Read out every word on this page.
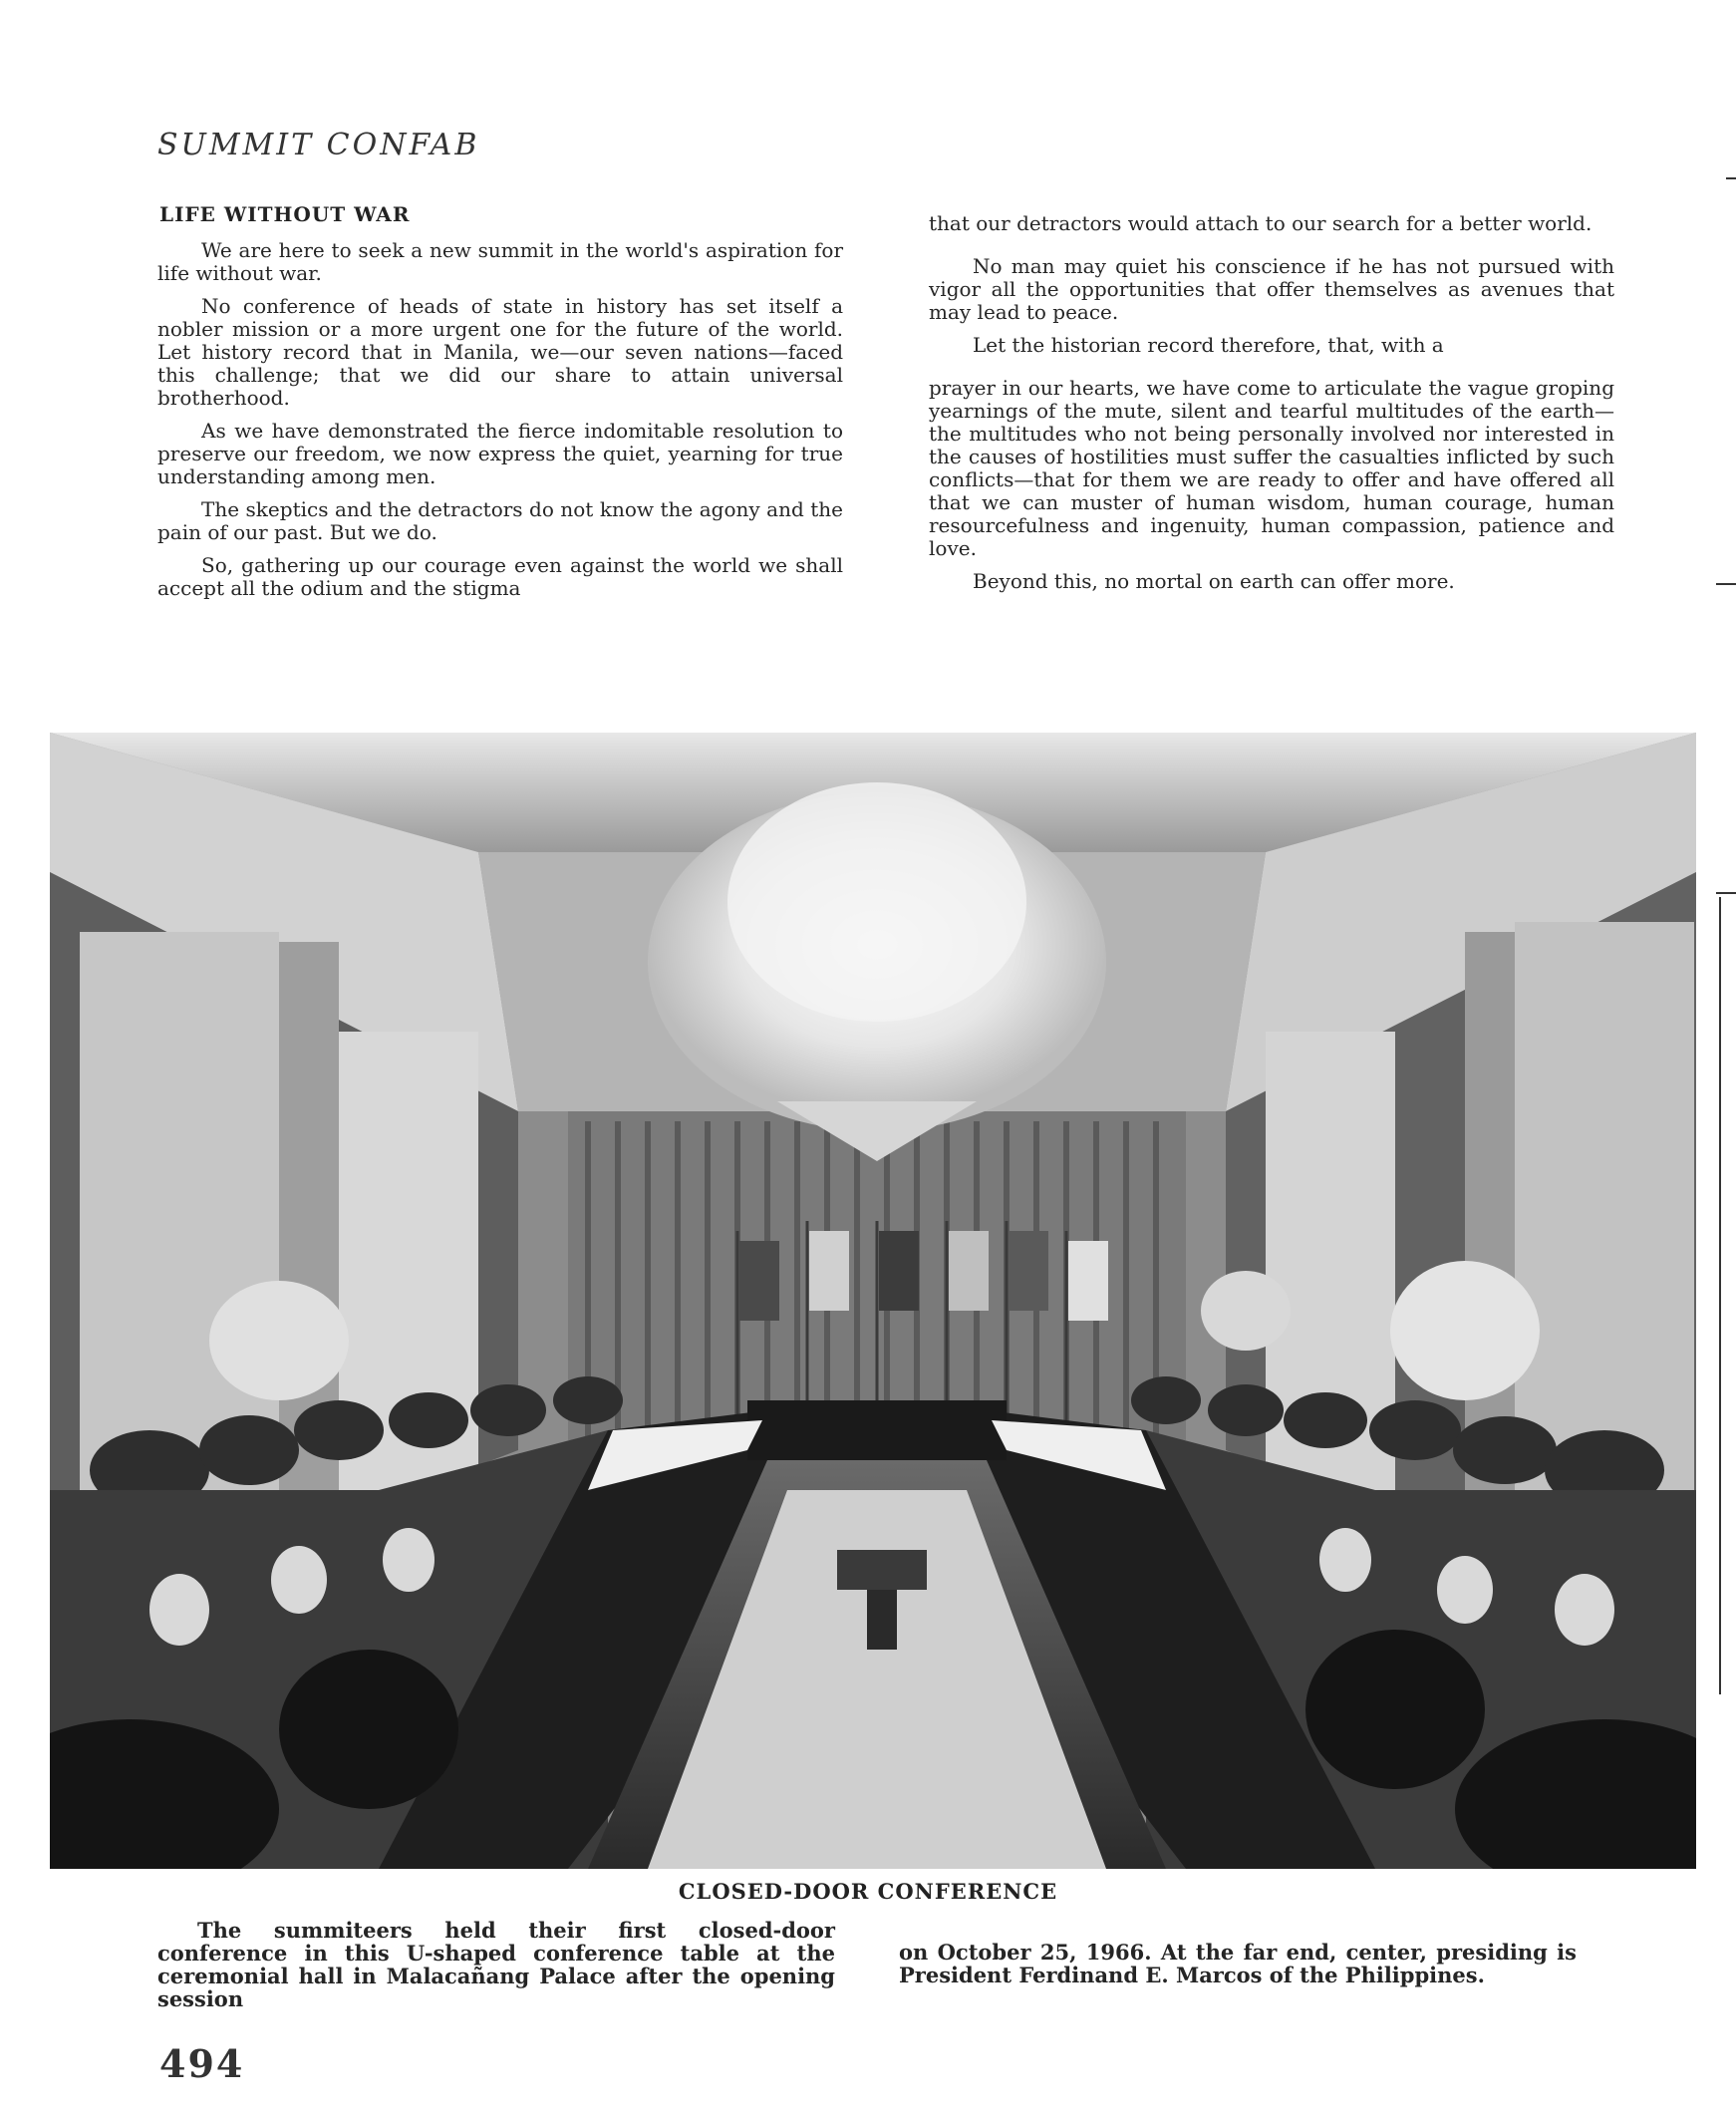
SUMMIT CONFAB
LIFE WITHOUT WAR

We are here to seek a new summit in the world's aspiration for life without war.

No conference of heads of state in history has set itself a nobler mission or a more urgent one for the future of the world. Let history record that in Manila, we—our seven nations—faced this challenge; that we did our share to attain universal brotherhood.

As we have demonstrated the fierce indomitable resolution to preserve our freedom, we now express the quiet, yearning for true understanding among men.

The skeptics and the detractors do not know the agony and the pain of our past. But we do.

So, gathering up our courage even against the world we shall accept all the odium and the stigma

that our detractors would attach to our search for a better world.

No man may quiet his conscience if he has not pursued with vigor all the opportunities that offer themselves as avenues that may lead to peace.

Let the historian record therefore, that, with a

prayer in our hearts, we have come to articulate the vague groping yearnings of the mute, silent and tearful multitudes of the earth—the multitudes who not being personally involved nor interested in the causes of hostilities must suffer the casualties inflicted by such conflicts—that for them we are ready to offer and have offered all that we can muster of human wisdom, human courage, human resourcefulness and ingenuity, human compassion, patience and love.

Beyond this, no mortal on earth can offer more.

CLOSED-DOOR CONFERENCE

The summiteers held their first closed-door conference in this U-shaped conference table at the ceremonial hall in Malacañang Palace after the opening session

on October 25, 1966. At the far end, center, presiding is President Ferdinand E. Marcos of the Philippines.

494
